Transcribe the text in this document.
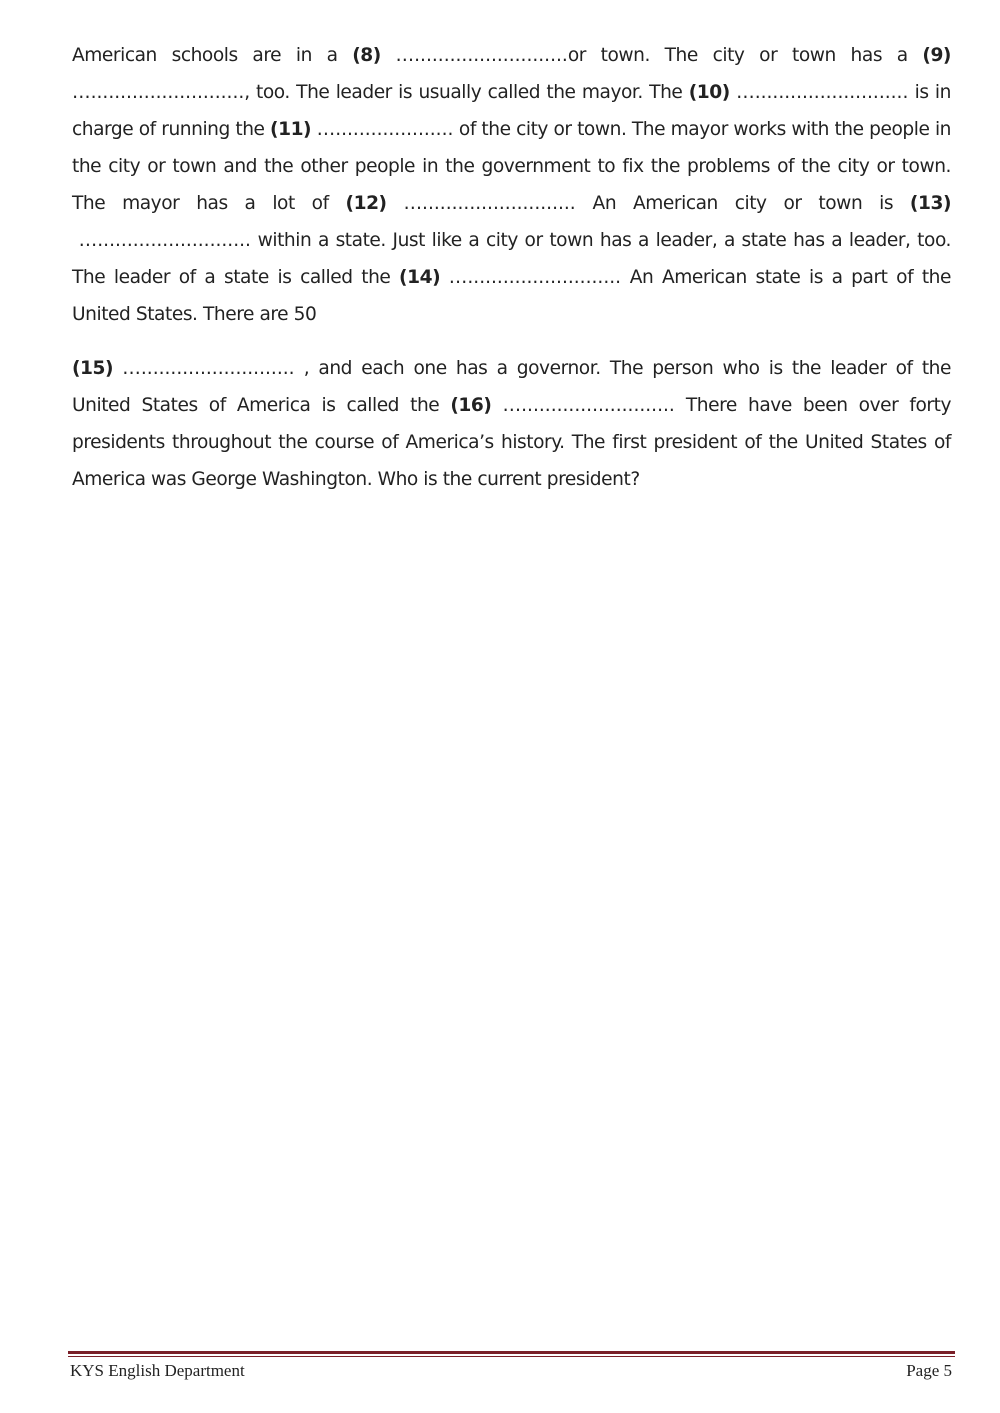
American schools are in a (8) …..........................or town. The city or town has a (9) ….........................., too. The leader is usually called the mayor. The (10) ….......................... is in charge of running the (11) ….................... of the city or town. The mayor works with the people in the city or town and the other people in the government to fix the problems of the city or town. The mayor has a lot of (12) ….......................... An American city or town is (13) ….......................... within a state. Just like a city or town has a leader, a state has a leader, too. The leader of a state is called the (14) ….......................... An American state is a part of the United States. There are 50

(15) ….......................... , and each one has a governor. The person who is the leader of the United States of America is called the (16) ….......................... There have been over forty presidents throughout the course of America’s history. The first president of the United States of America was George Washington. Who is the current president?

KYS English Department	Page 5
